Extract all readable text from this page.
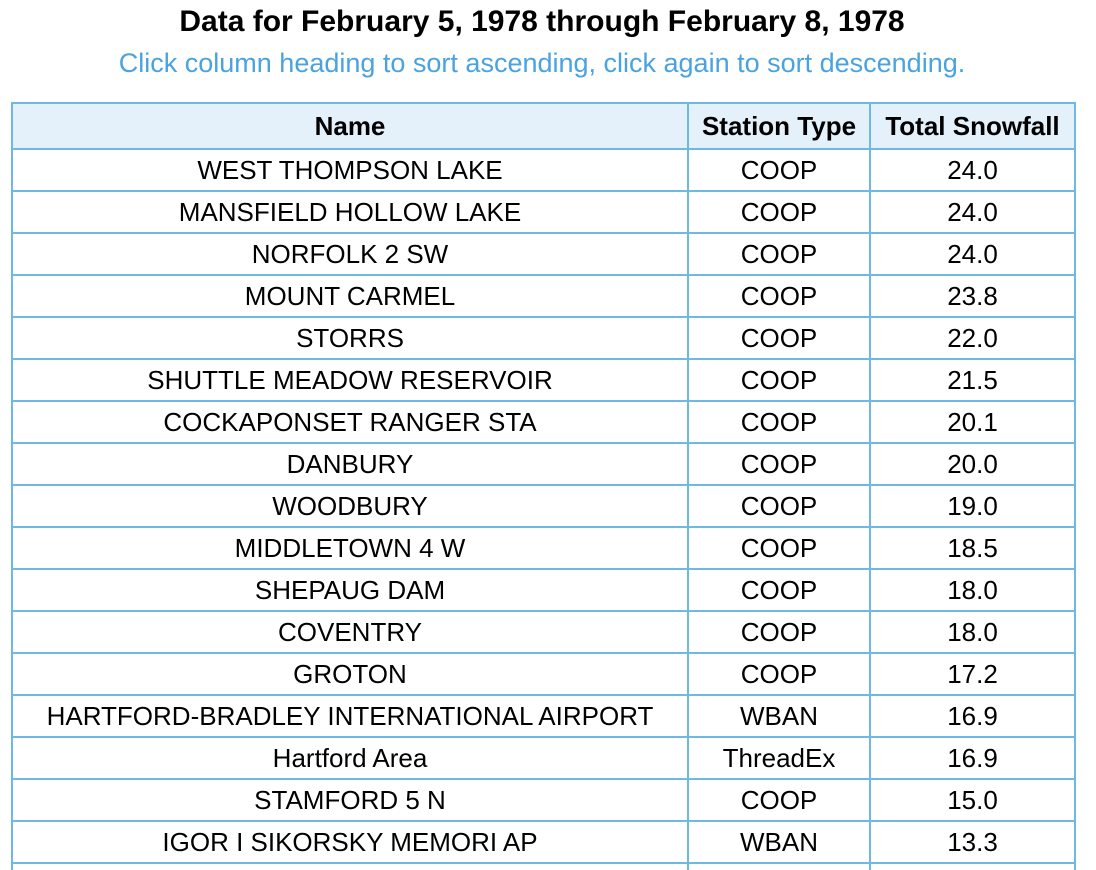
Data for February 5, 1978 through February 8, 1978
Click column heading to sort ascending, click again to sort descending.
Name	Station Type	Total Snowfall
WEST THOMPSON LAKE	COOP	24.0
MANSFIELD HOLLOW LAKE	COOP	24.0
NORFOLK 2 SW	COOP	24.0
MOUNT CARMEL	COOP	23.8
STORRS	COOP	22.0
SHUTTLE MEADOW RESERVOIR	COOP	21.5
COCKAPONSET RANGER STA	COOP	20.1
DANBURY	COOP	20.0
WOODBURY	COOP	19.0
MIDDLETOWN 4 W	COOP	18.5
SHEPAUG DAM	COOP	18.0
COVENTRY	COOP	18.0
GROTON	COOP	17.2
HARTFORD-BRADLEY INTERNATIONAL AIRPORT	WBAN	16.9
Hartford Area	ThreadEx	16.9
STAMFORD 5 N	COOP	15.0
IGOR I SIKORSKY MEMORI AP	WBAN	13.3
